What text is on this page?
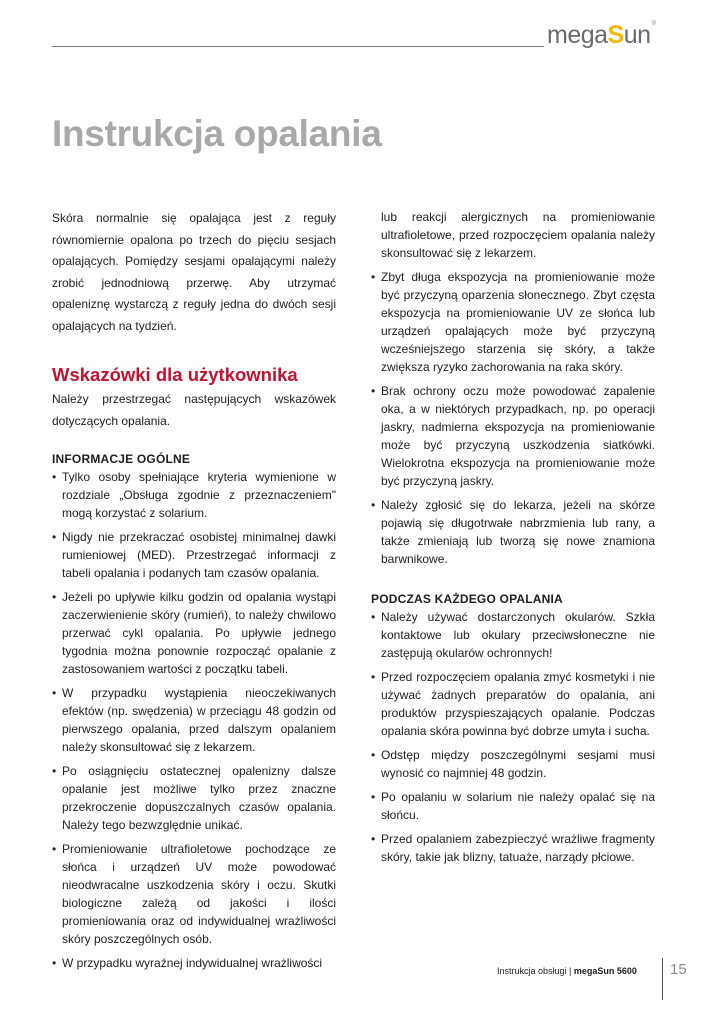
megaSun ®
Instrukcja opalania

Skóra normalnie się opalająca jest z reguły równomiernie opalona po trzech do pięciu sesjach opalających. Pomiędzy sesjami opalającymi należy zrobić jednodniową przerwę. Aby utrzymać opaleniznę wystarczą z reguły jedna do dwóch sesji opalających na tydzień.

Wskazówki dla użytkownika

Należy przestrzegać następujących wskazówek dotyczących opalania.

INFORMACJE OGÓLNE
• Tylko osoby spełniające kryteria wymienione w rozdziale „Obsługa zgodnie z przeznaczeniem" mogą korzystać z solarium.
• Nigdy nie przekraczać osobistej minimalnej dawki rumieniowej (MED). Przestrzegać informacji z tabeli opalania i podanych tam czasów opalania.
• Jeżeli po upływie kilku godzin od opalania wystąpi zaczerwienienie skóry (rumień), to należy chwilowo przerwać cykl opalania. Po upływie jednego tygodnia można ponownie rozpocząć opalanie z zastosowaniem wartości z początku tabeli.
• W przypadku wystąpienia nieoczekiwanych efektów (np. swędzenia) w przeciągu 48 godzin od pierwszego opalania, przed dalszym opalaniem należy skonsultować się z lekarzem.
• Po osiągnięciu ostatecznej opalenizny dalsze opalanie jest możliwe tylko przez znaczne przekroczenie dopuszczalnych czasów opalania. Należy tego bezwzględnie unikać.
• Promieniowanie ultrafioletowe pochodzące ze słońca i urządzeń UV może powodować nieodwracalne uszkodzenia skóry i oczu. Skutki biologiczne zależą od jakości i ilości promieniowania oraz od indywidualnej wrażliwości skóry poszczególnych osób.
• W przypadku wyraźnej indywidualnej wrażliwości

lub reakcji alergicznych na promieniowanie ultrafioletowe, przed rozpoczęciem opalania należy skonsultować się z lekarzem.

• Zbyt długa ekspozycja na promieniowanie może być przyczyną oparzenia słonecznego. Zbyt częsta ekspozycja na promieniowanie UV ze słońca lub urządzeń opalających może być przyczyną wcześniejszego starzenia się skóry, a także zwiększa ryzyko zachorowania na raka skóry.
• Brak ochrony oczu może powodować zapalenie oka, a w niektórych przypadkach, np. po operacji jaskry, nadmierna ekspozycja na promieniowanie może być przyczyną uszkodzenia siatkówki. Wielokrotna ekspozycja na promieniowanie może być przyczyną jaskry.
• Należy zgłosić się do lekarza, jeżeli na skórze pojawią się długotrwałe nabrzmienia lub rany, a także zmieniają lub tworzą się nowe znamiona barwnikowe.
PODCZAS KAŻDEGO OPALANIA
• Należy używać dostarczonych okularów. Szkła kontaktowe lub okulary przeciwsłoneczne nie zastępują okularów ochronnych!
• Przed rozpoczęciem opalania zmyć kosmetyki i nie używać żadnych preparatów do opalania, ani produktów przyspieszających opalanie. Podczas opalania skóra powinna być dobrze umyta i sucha.
• Odstęp między poszczególnymi sesjami musi wynosić co najmniej 48 godzin.
• Po opalaniu w solarium nie należy opalać się na słońcu.
• Przed opalaniem zabezpieczyć wrażliwe fragmenty skóry, takie jak blizny, tatuaże, narządy płciowe.
Instrukcja obsługi | megaSun 5600 15
